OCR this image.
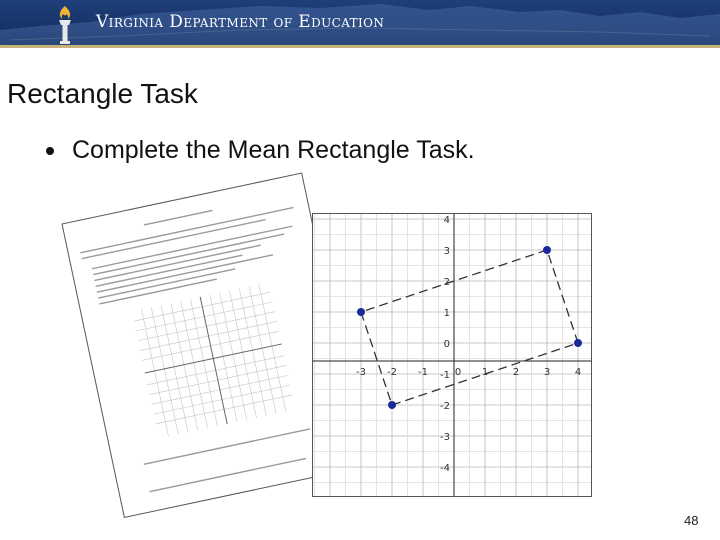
Virginia Department of Education
Rectangle Task
Complete the Mean Rectangle Task.
-3 -2 -1	0 1 2 3 4
4
3
2
1
0
-1
-2
-3
-4
48
